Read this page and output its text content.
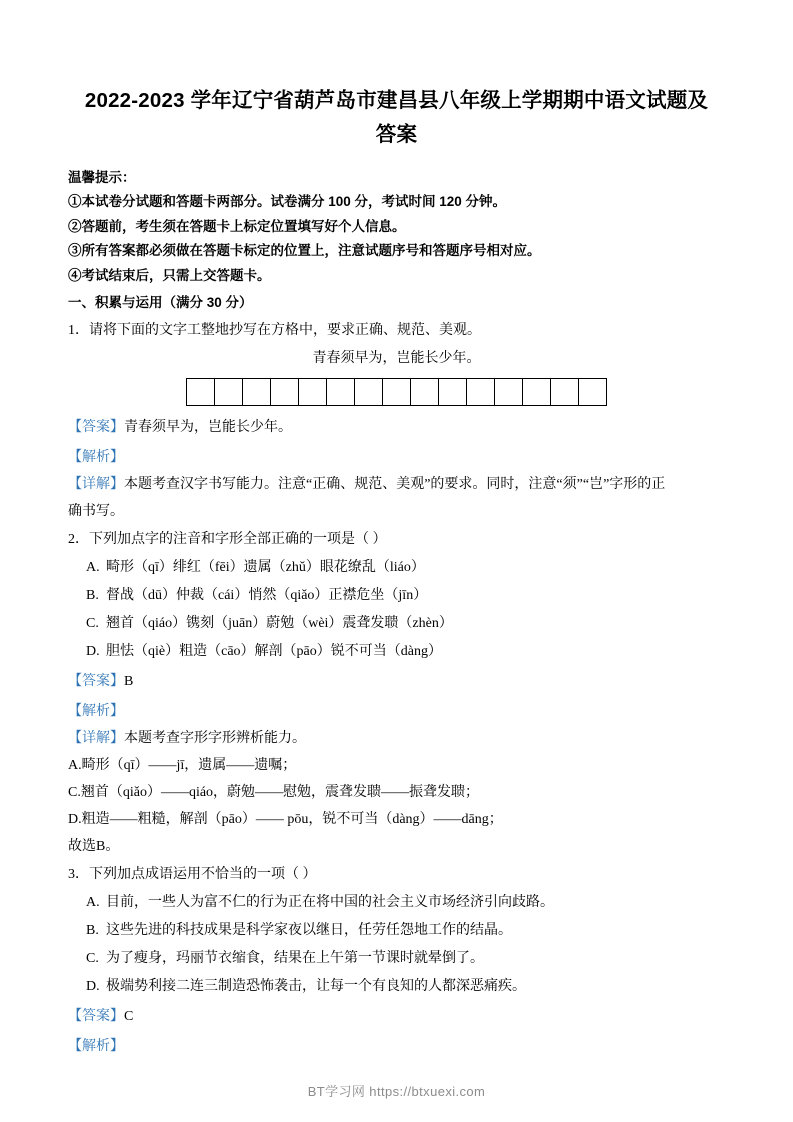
2022-2023 学年辽宁省葫芦岛市建昌县八年级上学期期中语文试题及答案
温馨提示：
①本试卷分试题和答题卡两部分。试卷满分 100 分，考试时间 120 分钟。
②答题前，考生须在答题卡上标定位置填写好个人信息。
③所有答案都必须做在答题卡标定的位置上，注意试题序号和答题序号相对应。
④考试结束后，只需上交答题卡。
一、积累与运用（满分 30 分）
1．请将下面的文字工整地抄写在方格中，要求正确、规范、美观。
青春须早为，岂能长少年。
【答案】青春须早为，岂能长少年。
【解析】
【详解】本题考查汉字书写能力。注意“正确、规范、美观”的要求。同时，注意“须”“岂”字形的正
确书写。
2．下列加点字的注音和字形全部正确的一项是（ ）
A. 畸形（qī）绯红（fēi）遗属（zhǔ）眼花缭乱（liáo）
B. 督战（dū）仲裁（cái）悄然（qiǎo）正襟危坐（jīn）
C. 翘首（qiáo）镌刻（juān）蔚勉（wèi）震聋发聩（zhèn）
D. 胆怯（qiè）粗造（cāo）解剖（pāo）锐不可当（dàng）
【答案】B
【解析】
【详解】本题考查字形字形辨析能力。
A.畸形（qī）——jī，遗属——遗嘱；
C.翘首（qiǎo）——qiáo，蔚勉——慰勉，震聋发聩——振聋发聩；
D.粗造——粗糙，解剖（pāo）—— pōu，锐不可当（dàng）——dāng；
故选B。
3．下列加点成语运用不恰当的一项（ ）
A. 目前，一些人为富不仁的行为正在将中国的社会主义市场经济引向歧路。
B. 这些先进的科技成果是科学家夜以继日，任劳任怨地工作的结晶。
C. 为了瘦身，玛丽节衣缩食，结果在上午第一节课时就晕倒了。
D. 极端势利接二连三制造恐怖袭击，让每一个有良知的人都深恶痛疾。
【答案】C
【解析】
BT学习网 https://btxuexi.com
